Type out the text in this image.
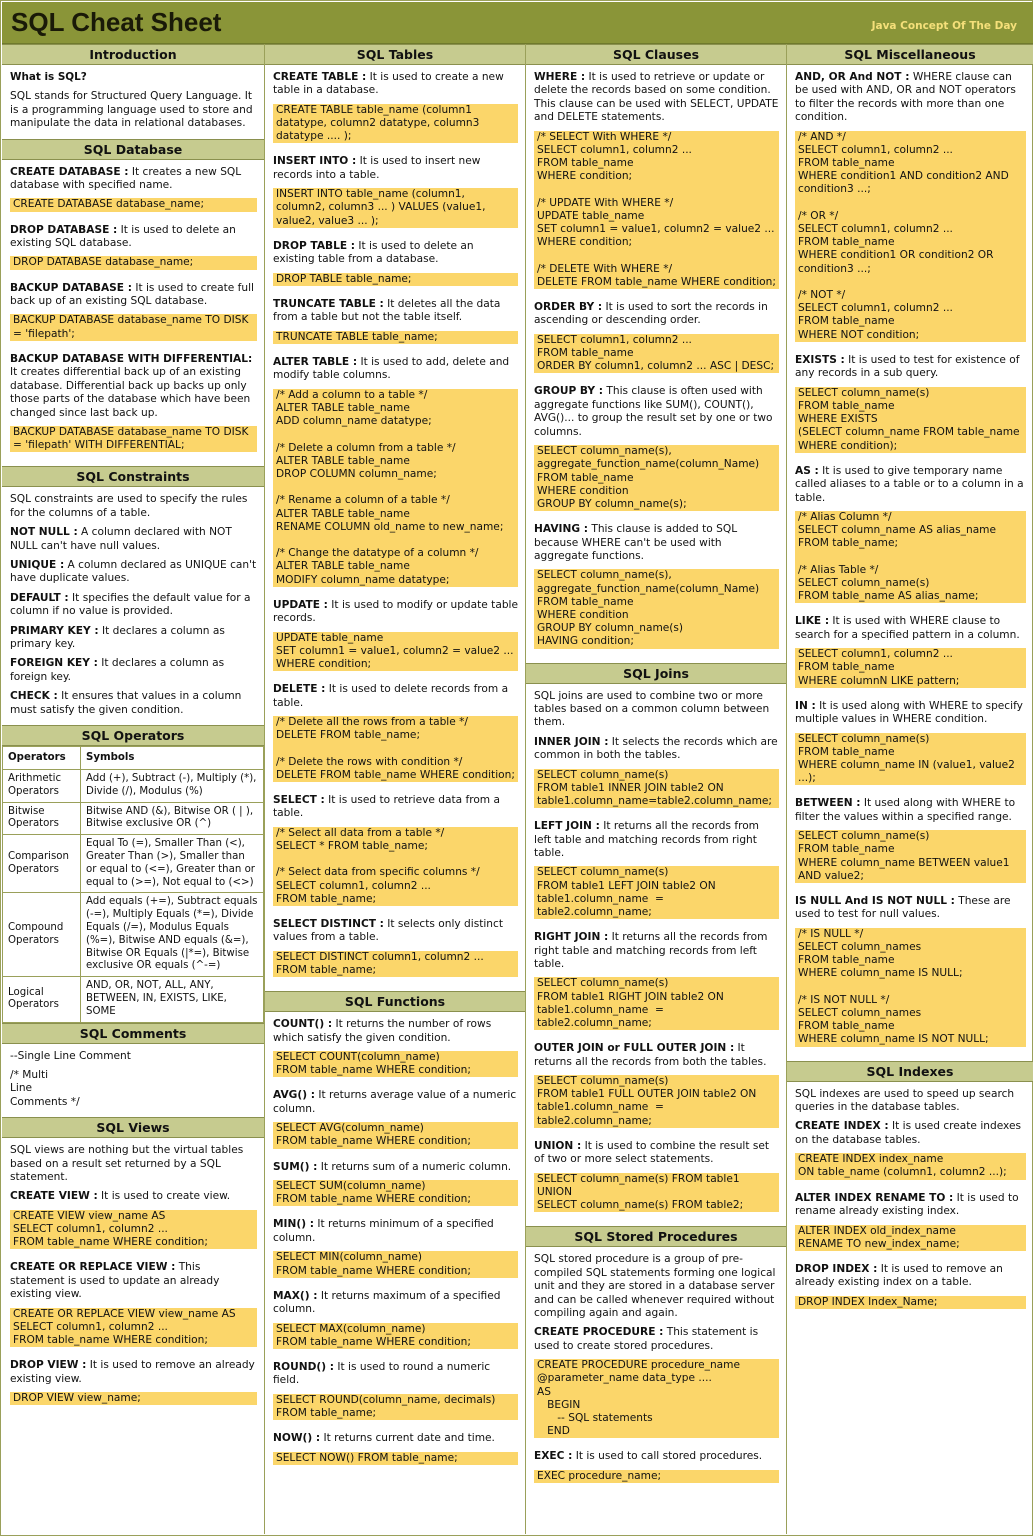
SQL Cheat Sheet	Java Concept Of The Day
Introduction
What is SQL?
SQL stands for Structured Query Language. It is a programming language used to store and manipulate the data in relational databases.
SQL Database
CREATE DATABASE : It creates a new SQL database with specified name.
CREATE DATABASE database_name;
DROP DATABASE : It is used to delete an existing SQL database.
DROP DATABASE database_name;
BACKUP DATABASE : It is used to create full back up of an existing SQL database.
BACKUP DATABASE database_name TO DISK = 'filepath';
BACKUP DATABASE WITH DIFFERENTIAL: It creates differential back up of an existing database. Differential back up backs up only those parts of the database which have been changed since last back up.
BACKUP DATABASE database_name TO DISK = 'filepath' WITH DIFFERENTIAL;
SQL Constraints
SQL constraints are used to specify the rules for the columns of a table.
NOT NULL : A column declared with NOT NULL can't have null values.
UNIQUE : A column declared as UNIQUE can't have duplicate values.
DEFAULT : It specifies the default value for a column if no value is provided.
PRIMARY KEY : It declares a column as primary key.
FOREIGN KEY : It declares a column as foreign key.
CHECK : It ensures that values in a column must satisfy the given condition.
SQL Operators
Operators	Symbols
Arithmetic Operators	Add (+), Subtract (-), Multiply (*), Divide (/), Modulus (%)
Bitwise Operators	Bitwise AND (&), Bitwise OR ( | ), Bitwise exclusive OR (^)
Comparison Operators	Equal To (=), Smaller Than (<), Greater Than (>), Smaller than or equal to (<=), Greater than or equal to (>=), Not equal to (<>)
Compound Operators	Add equals (+=), Subtract equals (-=), Multiply Equals (*=), Divide Equals (/=), Modulus Equals (%=), Bitwise AND equals (&=), Bitwise OR Equals (|*=), Bitwise exclusive OR equals (^-=)
Logical Operators	AND, OR, NOT, ALL, ANY, BETWEEN, IN, EXISTS, LIKE, SOME
SQL Comments
--Single Line Comment
/* Multi
Line
Comments */
SQL Views
SQL views are nothing but the virtual tables based on a result set returned by a SQL statement.
CREATE VIEW : It is used to create view.
CREATE VIEW view_name AS
SELECT column1, column2 ...
FROM table_name WHERE condition;
CREATE OR REPLACE VIEW : This statement is used to update an already existing view.
CREATE OR REPLACE VIEW view_name AS
SELECT column1, column2 ...
FROM table_name WHERE condition;
DROP VIEW : It is used to remove an already existing view.
DROP VIEW view_name;
SQL Tables
CREATE TABLE : It is used to create a new table in a database.
CREATE TABLE table_name (column1 datatype, column2 datatype, column3 datatype .... );
INSERT INTO : It is used to insert new records into a table.
INSERT INTO table_name (column1, column2, column3 ... ) VALUES (value1, value2, value3 ... );
DROP TABLE : It is used to delete an existing table from a database.
DROP TABLE table_name;
TRUNCATE TABLE : It deletes all the data from a table but not the table itself.
TRUNCATE TABLE table_name;
ALTER TABLE : It is used to add, delete and modify table columns.
/* Add a column to a table */
ALTER TABLE table_name
ADD column_name datatype;

/* Delete a column from a table */
ALTER TABLE table_name
DROP COLUMN column_name;

/* Rename a column of a table */
ALTER TABLE table_name
RENAME COLUMN old_name to new_name;

/* Change the datatype of a column */
ALTER TABLE table_name
MODIFY column_name datatype;
UPDATE : It is used to modify or update table records.
UPDATE table_name
SET column1 = value1, column2 = value2 ...
WHERE condition;
DELETE : It is used to delete records from a table.
/* Delete all the rows from a table */
DELETE FROM table_name;

/* Delete the rows with condition */
DELETE FROM table_name WHERE condition;
SELECT : It is used to retrieve data from a table.
/* Select all data from a table */
SELECT * FROM table_name;

/* Select data from specific columns */
SELECT column1, column2 ...
FROM table_name;
SELECT DISTINCT : It selects only distinct values from a table.
SELECT DISTINCT column1, column2 ...
FROM table_name;
SQL Functions
COUNT() : It returns the number of rows which satisfy the given condition.
SELECT COUNT(column_name)
FROM table_name WHERE condition;
AVG() : It returns average value of a numeric column.
SELECT AVG(column_name)
FROM table_name WHERE condition;
SUM() : It returns sum of a numeric column.
SELECT SUM(column_name)
FROM table_name WHERE condition;
MIN() : It returns minimum of a specified column.
SELECT MIN(column_name)
FROM table_name WHERE condition;
MAX() : It returns maximum of a specified column.
SELECT MAX(column_name)
FROM table_name WHERE condition;
ROUND() : It is used to round a numeric field.
SELECT ROUND(column_name, decimals)
FROM table_name;
NOW() : It returns current date and time.
SELECT NOW() FROM table_name;
SQL Clauses
WHERE : It is used to retrieve or update or delete the records based on some condition. This clause can be used with SELECT, UPDATE and DELETE statements.
/* SELECT With WHERE */
SELECT column1, column2 ...
FROM table_name
WHERE condition;

/* UPDATE With WHERE */
UPDATE table_name
SET column1 = value1, column2 = value2 ...
WHERE condition;

/* DELETE With WHERE */
DELETE FROM table_name WHERE condition;
ORDER BY : It is used to sort the records in ascending or descending order.
SELECT column1, column2 ...
FROM table_name
ORDER BY column1, column2 ... ASC | DESC;
GROUP BY : This clause is often used with aggregate functions like SUM(), COUNT(), AVG()... to group the result set by one or two columns.
SELECT column_name(s),
aggregate_function_name(column_Name)
FROM table_name
WHERE condition
GROUP BY column_name(s);
HAVING : This clause is added to SQL because WHERE can't be used with aggregate functions.
SELECT column_name(s),
aggregate_function_name(column_Name)
FROM table_name
WHERE condition
GROUP BY column_name(s)
HAVING condition;
SQL Joins
SQL joins are used to combine two or more tables based on a common column between them.
INNER JOIN : It selects the records which are common in both the tables.
SELECT column_name(s)
FROM table1 INNER JOIN table2 ON
table1.column_name=table2.column_name;
LEFT JOIN : It returns all the records from left table and matching records from right table.
SELECT column_name(s)
FROM table1 LEFT JOIN table2 ON
table1.column_name  = table2.column_name;
RIGHT JOIN : It returns all the records from right table and matching records from left table.
SELECT column_name(s)
FROM table1 RIGHT JOIN table2 ON
table1.column_name  = table2.column_name;
OUTER JOIN or FULL OUTER JOIN : It returns all the records from both the tables.
SELECT column_name(s)
FROM table1 FULL OUTER JOIN table2 ON
table1.column_name  = table2.column_name;
UNION : It is used to combine the result set of two or more select statements.
SELECT column_name(s) FROM table1
UNION
SELECT column_name(s) FROM table2;
SQL Stored Procedures
SQL stored procedure is a group of pre-compiled SQL statements forming one logical unit and they are stored in a database server and can be called whenever required without compiling again and again.
CREATE PROCEDURE : This statement is used to create stored procedures.
CREATE PROCEDURE procedure_name
@parameter_name data_type ....
AS
BEGIN
-- SQL statements
END
EXEC : It is used to call stored procedures.
EXEC procedure_name;
SQL Miscellaneous
AND, OR And NOT : WHERE clause can be used with AND, OR and NOT operators to filter the records with more than one condition.
/* AND */
SELECT column1, column2 ...
FROM table_name
WHERE condition1 AND condition2 AND condition3 ...;

/* OR */
SELECT column1, column2 ...
FROM table_name
WHERE condition1 OR condition2 OR condition3 ...;

/* NOT */
SELECT column1, column2 ...
FROM table_name
WHERE NOT condition;
EXISTS : It is used to test for existence of any records in a sub query.
SELECT column_name(s)
FROM table_name
WHERE EXISTS
(SELECT column_name FROM table_name
WHERE condition);
AS : It is used to give temporary name called aliases to a table or to a column in a table.
/* Alias Column */
SELECT column_name AS alias_name
FROM table_name;

/* Alias Table */
SELECT column_name(s)
FROM table_name AS alias_name;
LIKE : It is used with WHERE clause to search for a specified pattern in a column.
SELECT column1, column2 ...
FROM table_name
WHERE columnN LIKE pattern;
IN : It is used along with WHERE to specify multiple values in WHERE condition.
SELECT column_name(s)
FROM table_name
WHERE column_name IN (value1, value2 ...);
BETWEEN : It used along with WHERE to filter the values within a specified range.
SELECT column_name(s)
FROM table_name
WHERE column_name BETWEEN value1
AND value2;
IS NULL And IS NOT NULL : These are used to test for null values.
/* IS NULL */
SELECT column_names
FROM table_name
WHERE column_name IS NULL;

/* IS NOT NULL */
SELECT column_names
FROM table_name
WHERE column_name IS NOT NULL;
SQL Indexes
SQL indexes are used to speed up search queries in the database tables.
CREATE INDEX : It is used create indexes on the database tables.
CREATE INDEX index_name
ON table_name (column1, column2 ...);
ALTER INDEX RENAME TO : It is used to rename already existing index.
ALTER INDEX old_index_name
RENAME TO new_index_name;
DROP INDEX : It is used to remove an already existing index on a table.
DROP INDEX Index_Name;
